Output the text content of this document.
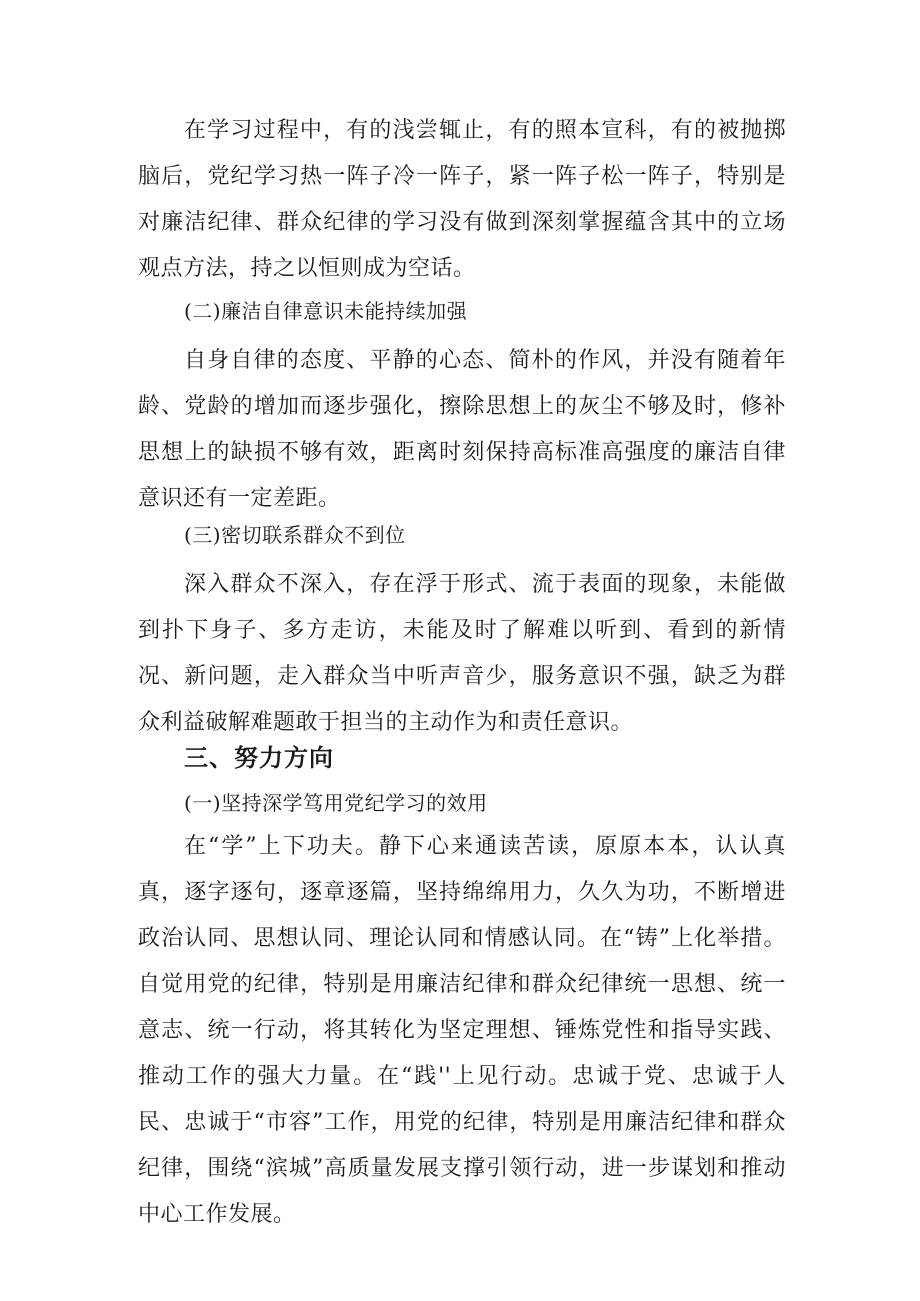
在学习过程中，有的浅尝辄止，有的照本宣科，有的被抛掷脑后，党纪学习热一阵子冷一阵子，紧一阵子松一阵子，特别是对廉洁纪律、群众纪律的学习没有做到深刻掌握蕴含其中的立场观点方法，持之以恒则成为空话。

(二)廉洁自律意识未能持续加强

自身自律的态度、平静的心态、简朴的作风，并没有随着年龄、党龄的增加而逐步强化，擦除思想上的灰尘不够及时，修补思想上的缺损不够有效，距离时刻保持高标准高强度的廉洁自律意识还有一定差距。

(三)密切联系群众不到位

深入群众不深入，存在浮于形式、流于表面的现象，未能做到扑下身子、多方走访，未能及时了解难以听到、看到的新情况、新问题，走入群众当中听声音少，服务意识不强，缺乏为群众利益破解难题敢于担当的主动作为和责任意识。

三、努力方向

(一)坚持深学笃用党纪学习的效用

在“学”上下功夫。静下心来通读苦读，原原本本，认认真真，逐字逐句，逐章逐篇，坚持绵绵用力，久久为功，不断增进政治认同、思想认同、理论认同和情感认同。在“铸”上化举措。自觉用党的纪律，特别是用廉洁纪律和群众纪律统一思想、统一意志、统一行动，将其转化为坚定理想、锤炼党性和指导实践、推动工作的强大力量。在“践''上见行动。忠诚于党、忠诚于人民、忠诚于“市容”工作，用党的纪律，特别是用廉洁纪律和群众纪律，围绕“滨城”高质量发展支撑引领行动，进一步谋划和推动中心工作发展。
